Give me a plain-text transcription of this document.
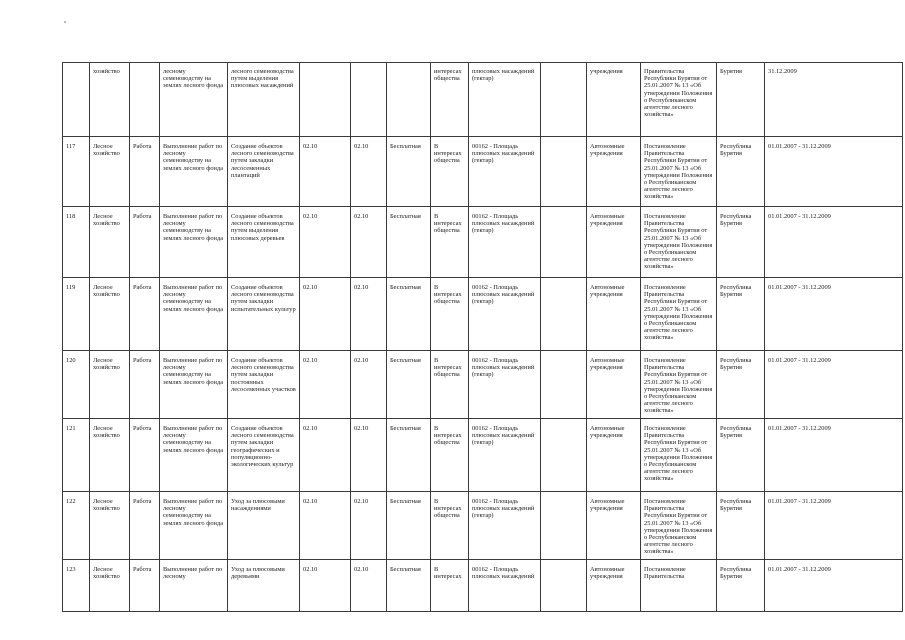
	хозяйство		лесному семеноводству на землях лесного фонда	лесного семеноводства путем выделения плюсовых насаждений				интересах общества	плюсовых насаждений (гектар)		учреждения	Правительства Республики Бурятия от 25.01.2007 № 13 «Об утверждении Положения о Республиканском агентстве лесного хозяйства»	Бурятия	31.12.2009

117	Лесное хозяйство	Работа	Выполнение работ по лесному семеноводству на землях лесного фонда	Создание объектов лесного семеноводства путем закладки лесосеменных плантаций	02.10	02.10	Бесплатная	В интересах общества	00162 - Площадь плюсовых насаждений (гектар)		Автономные учреждения	Постановление Правительства Республики Бурятия от 25.01.2007 № 13 «Об утверждении Положения о Республиканском агентстве лесного хозяйства»	Республика Бурятия	01.01.2007 - 31.12.2009

118	Лесное хозяйство	Работа	Выполнение работ по лесному семеноводству на землях лесного фонда	Создание объектов лесного семеноводства путем выделения плюсовых деревьев	02.10	02.10	Бесплатная	В интересах общества	00162 - Площадь плюсовых насаждений (гектар)		Автономные учреждения	Постановление Правительства Республики Бурятия от 25.01.2007 № 13 «Об утверждении Положения о Республиканском агентстве лесного хозяйства»	Республика Бурятия	01.01.2007 - 31.12.2009

119	Лесное хозяйство	Работа	Выполнение работ по лесному семеноводству на землях лесного фонда	Создание объектов лесного семеноводства путем закладки испытательных культур	02.10	02.10	Бесплатная	В интересах общества	00162 - Площадь плюсовых насаждений (гектар)		Автономные учреждения	Постановление Правительства Республики Бурятия от 25.01.2007 № 13 «Об утверждении Положения о Республиканском агентстве лесного хозяйства»	Республика Бурятия	01.01.2007 - 31.12.2009

120	Лесное хозяйство	Работа	Выполнение работ по лесному семеноводству на землях лесного фонда	Создание объектов лесного семеноводства путем закладки постоянных лесосеменных участков	02.10	02.10	Бесплатная	В интересах общества	00162 - Площадь плюсовых насаждений (гектар)		Автономные учреждения	Постановление Правительства Республики Бурятия от 25.01.2007 № 13 «Об утверждении Положения о Республиканском агентстве лесного хозяйства»	Республика Бурятия	01.01.2007 - 31.12.2009

121	Лесное хозяйство	Работа	Выполнение работ по лесному семеноводству на землях лесного фонда	Создание объектов лесного семеноводства путем закладки географических и популяционно-экологических культур	02.10	02.10	Бесплатная	В интересах общества	00162 - Площадь плюсовых насаждений (гектар)		Автономные учреждения	Постановление Правительства Республики Бурятия от 25.01.2007 № 13 «Об утверждении Положения о Республиканском агентстве лесного хозяйства»	Республика Бурятия	01.01.2007 - 31.12.2009

122	Лесное хозяйство	Работа	Выполнение работ по лесному семеноводству на землях лесного фонда	Уход за плюсовыми насаждениями	02.10	02.10	Бесплатная	В интересах общества	00162 - Площадь плюсовых насаждений (гектар)		Автономные учреждения	Постановление Правительства Республики Бурятия от 25.01.2007 № 13 «Об утверждении Положения о Республиканском агентстве лесного хозяйства»	Республика Бурятия	01.01.2007 - 31.12.2009

123	Лесное хозяйство	Работа	Выполнение работ по лесному	Уход за плюсовыми деревьями	02.10	02.10	Бесплатная	В интересах	00162 - Площадь плюсовых насаждений		Автономные учреждения	Постановление Правительства	Республика Бурятия	01.01.2007 - 31.12.2009
